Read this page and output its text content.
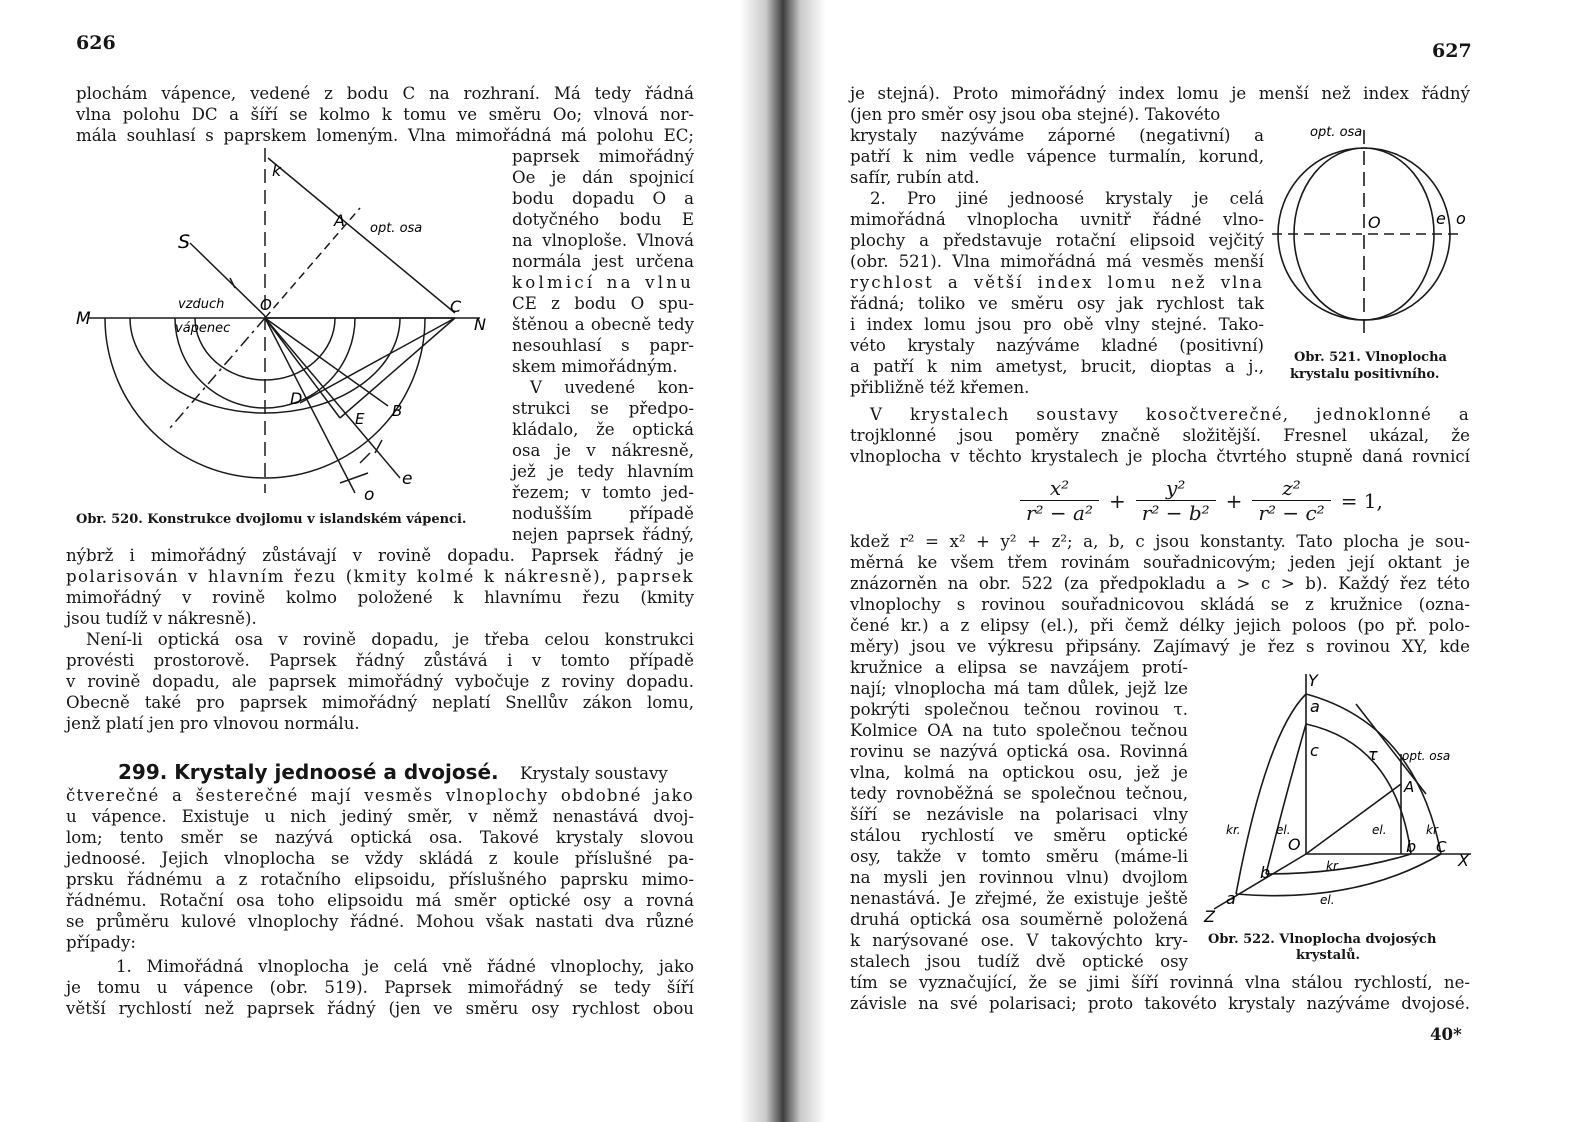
626
plochám vápence, vedené z bodu C na rozhraní. Má tedy řádná
vlna polohu DC a šíří se kolmo k tomu ve směru Oo; vlnová nor-
mála souhlasí s paprskem lomeným. Vlna mimořádná má polohu EC;
paprsek mimořádný
Oe je dán spojnicí
bodu dopadu O a
dotyčného bodu E
na vlnoploše. Vlnová
normála jest určena
kolmicí na vlnu
CE z bodu O spu-
štěnou a obecně tedy
nesouhlasí s papr-
skem mimořádným.
V uvedené kon-
strukci se předpo-
kládalo, že optická
osa je v nákresně,
jež je tedy hlavním
řezem; v tomto jed-
nodušším případě
nejen paprsek řádný,
k
A opt. osa
S
M
vzduch
vápenec
O	C
N
D
E B
e
o
Obr. 520. Konstrukce dvojlomu v islandském vápenci.
nýbrž i mimořádný zůstávají v rovině dopadu. Paprsek řádný je
polarisován v hlavním řezu (kmity kolmé k nákresně), paprsek
mimořádný v rovině kolmo položené k hlavnímu řezu (kmity
jsou tudíž v nákresně).
Není-li optická osa v rovině dopadu, je třeba celou konstrukci
provésti prostorově. Paprsek řádný zůstává i v tomto případě
v rovině dopadu, ale paprsek mimořádný vybočuje z roviny dopadu.
Obecně také pro paprsek mimořádný neplatí Snellův zákon lomu,
jenž platí jen pro vlnovou normálu.
299. Krystaly jednoosé a dvojosé. Krystaly soustavy
čtverečné a šesterečné mají vesměs vlnoplochy obdobné jako
u vápence. Existuje u nich jediný směr, v němž nenastává dvoj-
lom; tento směr se nazývá optická osa. Takové krystaly slovou
jednoosé. Jejich vlnoplocha se vždy skládá z koule příslušné pa-
prsku řádnému a z rotačního elipsoidu, příslušného paprsku mimo-
řádnému. Rotační osa toho elipsoidu má směr optické osy a rovná
se průměru kulové vlnoplochy řádné. Mohou však nastati dva různé
případy:
1. Mimořádná vlnoplocha je celá vně řádné vlnoplochy, jako
je tomu u vápence (obr. 519). Paprsek mimořádný se tedy šíří
větší rychlostí než paprsek řádný (jen ve směru osy rychlost obou
627
je stejná). Proto mimořádný index lomu je menší než index řádný
(jen pro směr osy jsou oba stejné). Takovéto
krystaly nazýváme záporné (negativní) a
patří k nim vedle vápence turmalín, korund,
safír, rubín atd.
2. Pro jiné jednoosé krystaly je celá
mimořádná vlnoplocha uvnitř řádné vlno-
plochy a představuje rotační elipsoid vejčitý
(obr. 521). Vlna mimořádná má vesměs menší
rychlost a větší index lomu než vlna
řádná; toliko ve směru osy jak rychlost tak
i index lomu jsou pro obě vlny stejné. Tako-
véto krystaly nazýváme kladné (positivní)
a patří k nim ametyst, brucit, dioptas a j.,
přibližně též křemen.
opt. osa
O	e o
Obr. 521. Vlnoplocha
krystalu positivního.
V krystalech soustavy kosočtverečné, jednoklonné a
trojklonné jsou poměry značně složitější. Fresnel ukázal, že
vlnoplocha v těchto krystalech je plocha čtvrtého stupně daná rovnicí
$\frac{\text{x²}}{\text{r² − a²}} + \frac{\text{y²}}{\text{r² − b²}} + \frac{\text{z²}}{\text{r² − c²}} = 1$,
kdež r² = x² + y² + z²; a, b, c jsou konstanty. Tato plocha je sou-
měrná ke všem třem rovinám souřadnicovým; jeden její oktant je
znázorněn na obr. 522 (za předpokladu a > c > b). Každý řez této
vlnoplochy s rovinou souřadnicovou skládá se z kružnice (ozna-
čené kr.) a z elipsy (el.), při čemž délky jejich poloos (po př. polo-
měry) jsou ve výkresu připsány. Zajímavý je řez s rovinou XY, kde
kružnice a elipsa se navzájem protí-
nají; vlnoplocha má tam důlek, jejž lze
pokrýti společnou tečnou rovinou τ.
Kolmice OA na tuto společnou tečnou
rovinu se nazývá optická osa. Rovinná
vlna, kolmá na optickou osu, jež je
tedy rovnoběžná se společnou tečnou,
šíří se nezávisle na polarisaci vlny
stálou rychlostí ve směru optické
osy, takže v tomto směru (máme-li
na mysli jen rovinnou vlnu) dvojlom
nenastává. Je zřejmé, že existuje ještě
druhá optická osa souměrně položená
k narýsované ose. V takovýchto kry-
stalech jsou tudíž dvě optické osy
Y
a
c	τ opt. osa
A
kr.	el.	el.	kr
O	b C
X
kr.
b
el.
a
Z
Obr. 522. Vlnoplocha dvojosých
krystalů.
tím se vyznačující, že se jimi šíří rovinná vlna stálou rychlostí, ne-
závisle na své polarisaci; proto takovéto krystaly nazýváme dvojosé.
40*
